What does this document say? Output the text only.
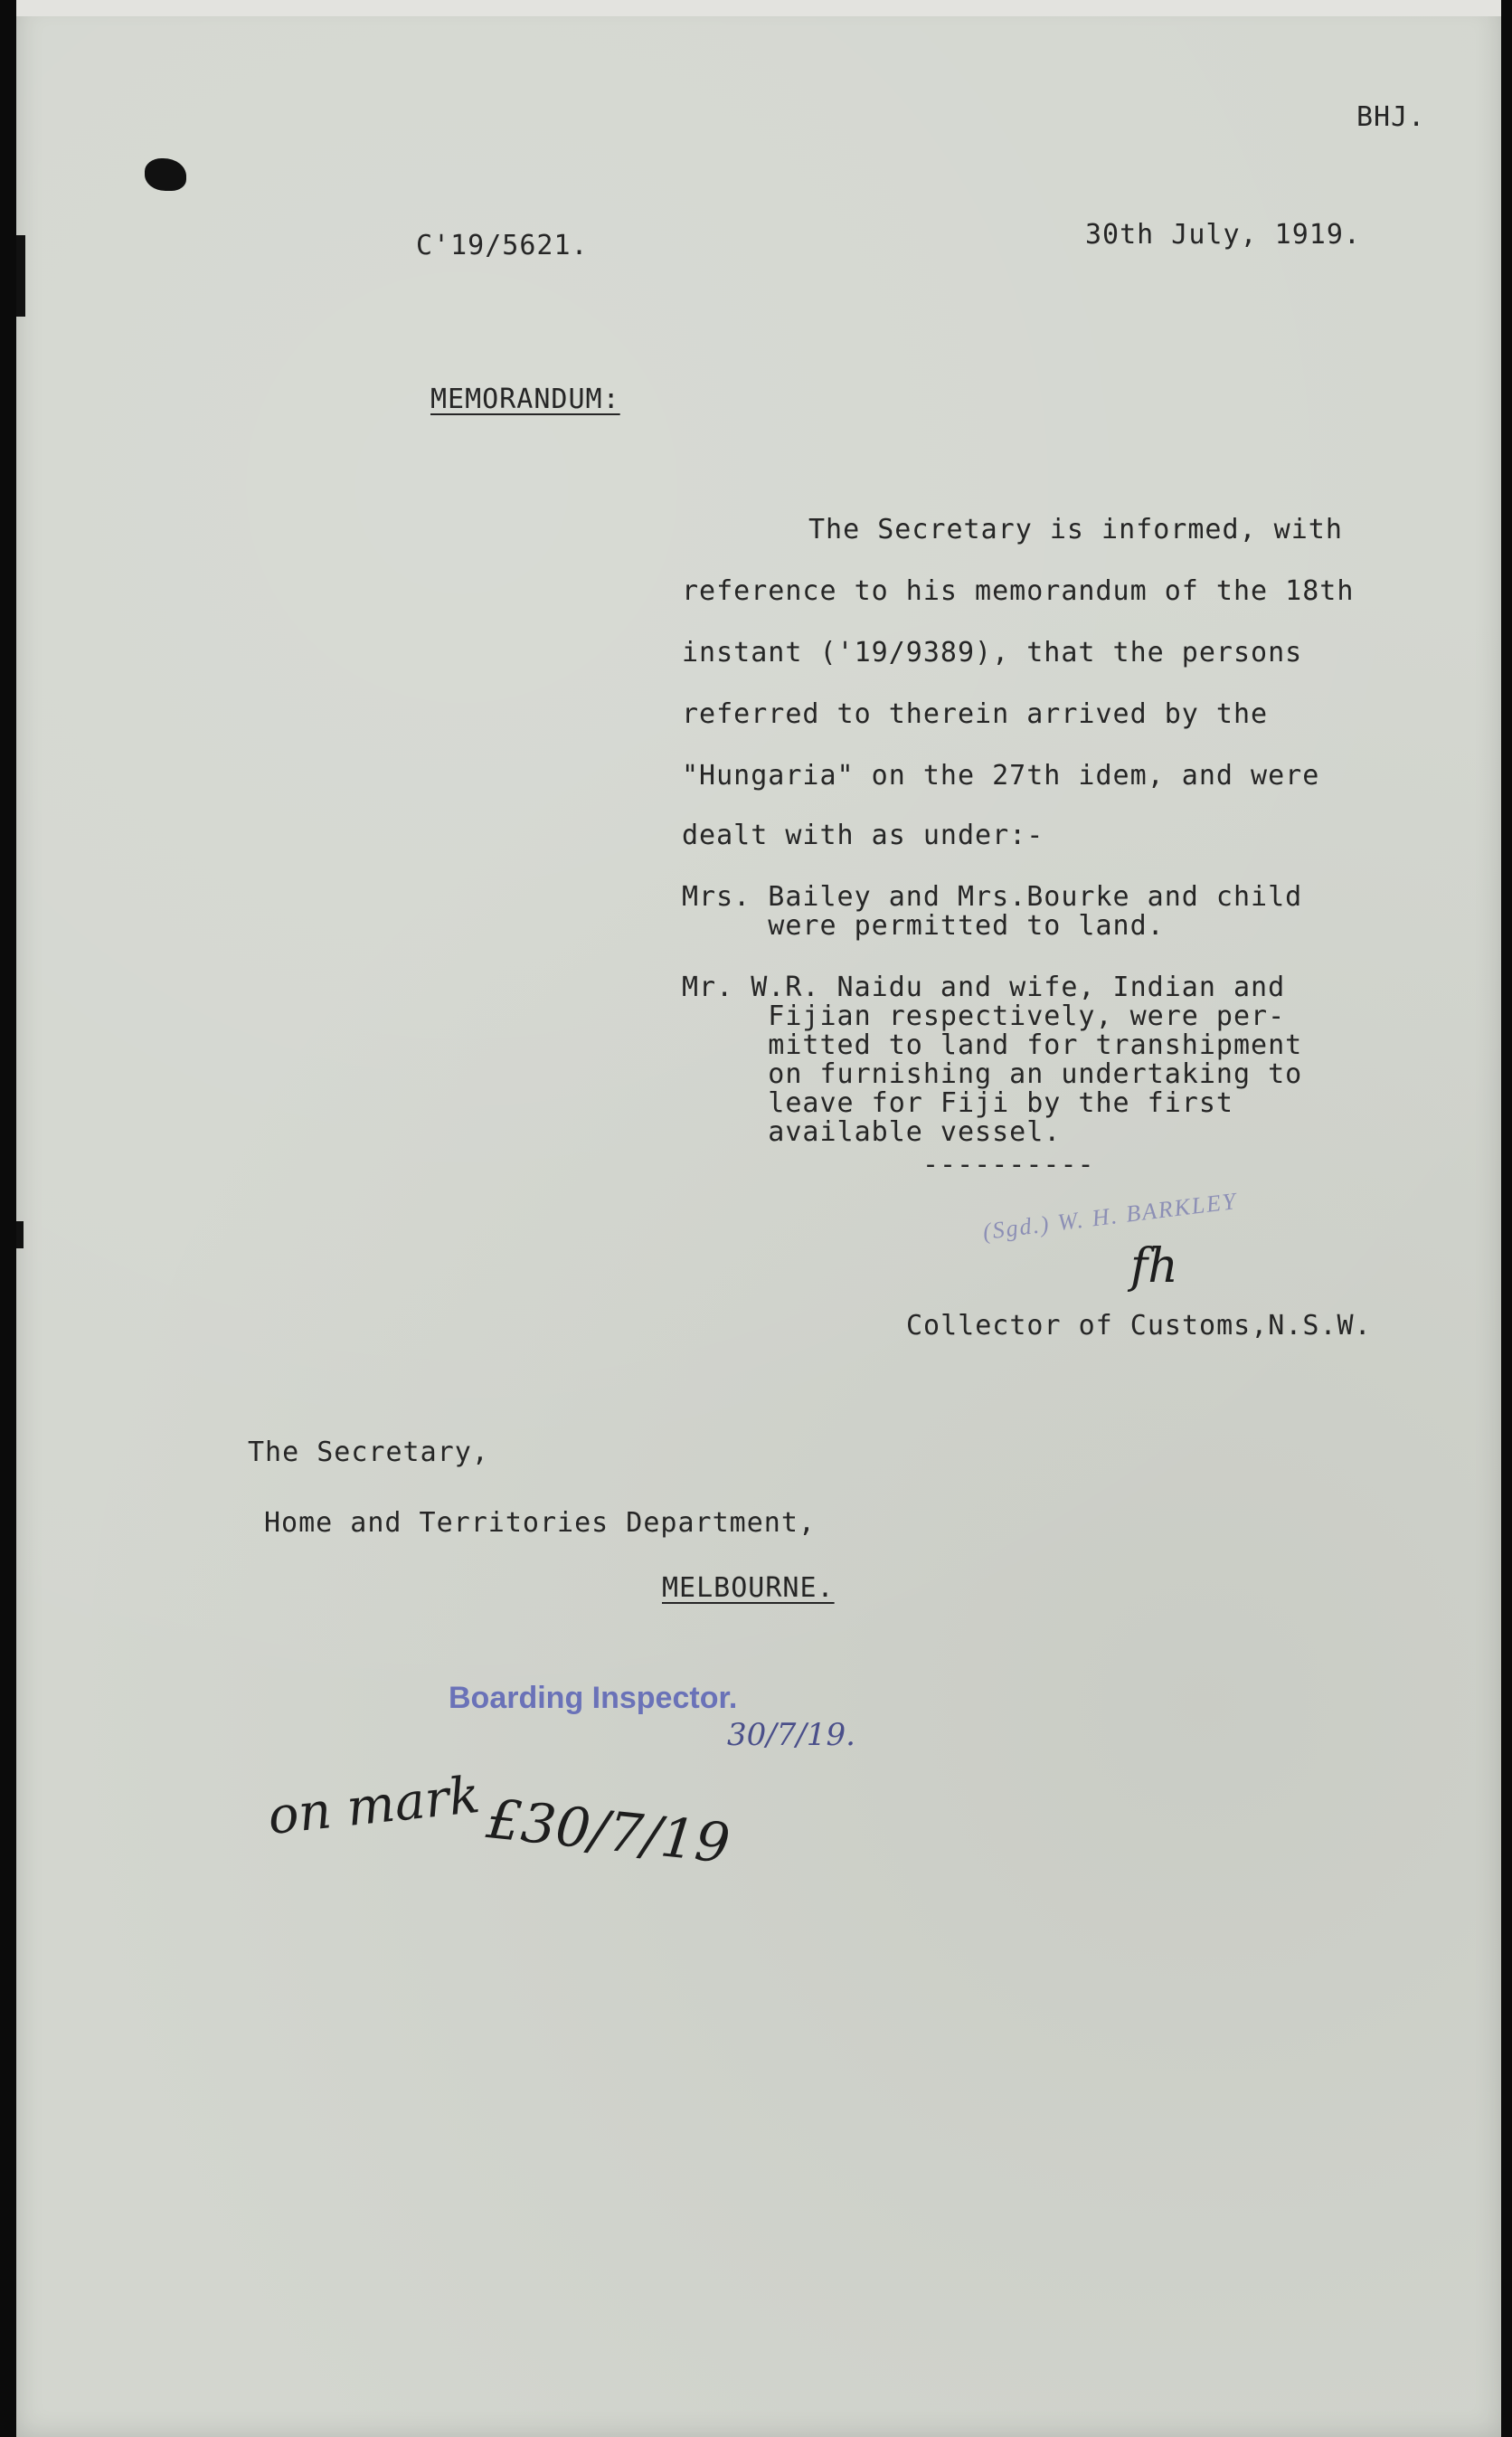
BHJ.
C'19/5621.	30th July, 1919.
MEMORANDUM:
The Secretary is informed, with
reference to his memorandum of the 18th
instant ('19/9389), that the persons
referred to therein arrived by the
"Hungaria" on the 27th idem, and were
dealt with as under:-
Mrs. Bailey and Mrs.Bourke and child
were permitted to land.
Mr. W.R. Naidu and wife, Indian and
Fijian respectively, were per-
mitted to land for transhipment
on furnishing an undertaking to
leave for Fiji by the first
available vessel.
----------
(Sgd.) W. H. BARKLEY
fh
Collector of Customs,N.S.W.
The Secretary,
Home and Territories Department,
MELBOURNE.
Boarding Inspector.
30/7/19.
on mark £30/7/19
